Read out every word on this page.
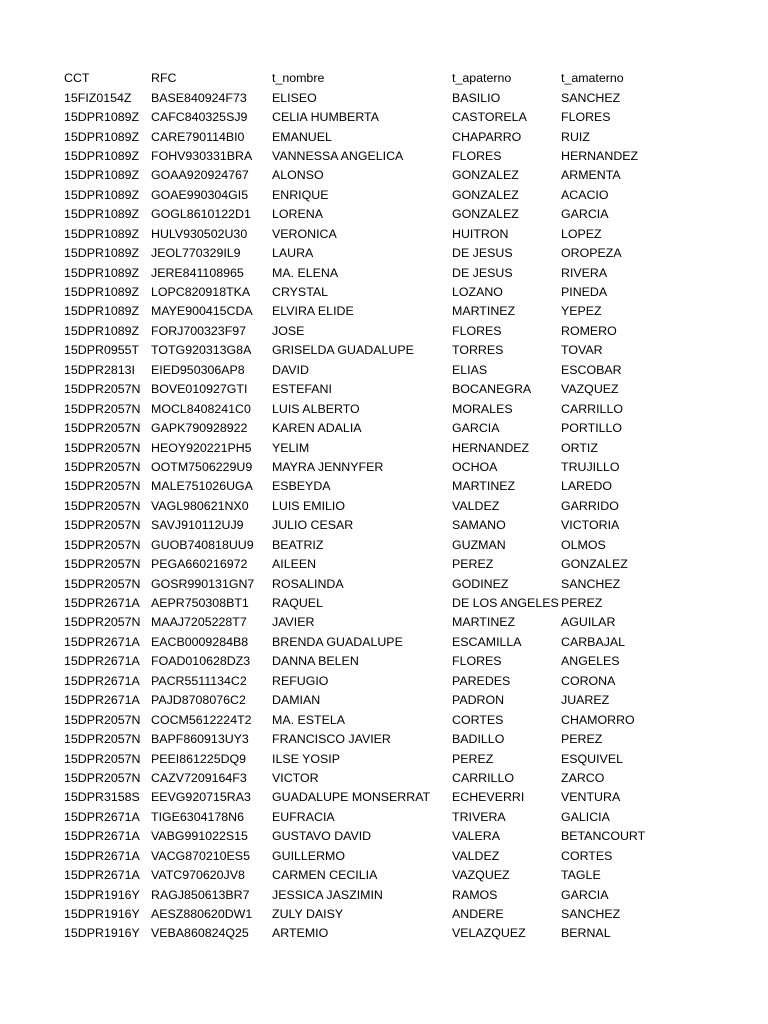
CCT	RFC	t_nombre	t_apaterno	t_amaterno
15FIZ0154Z	BASE840924F73	ELISEO	BASILIO	SANCHEZ
15DPR1089Z	CAFC840325SJ9	CELIA HUMBERTA	CASTORELA	FLORES
15DPR1089Z	CARE790114BI0	EMANUEL	CHAPARRO	RUIZ
15DPR1089Z	FOHV930331BRA	VANNESSA ANGELICA	FLORES	HERNANDEZ
15DPR1089Z	GOAA920924767	ALONSO	GONZALEZ	ARMENTA
15DPR1089Z	GOAE990304GI5	ENRIQUE	GONZALEZ	ACACIO
15DPR1089Z	GOGL8610122D1	LORENA	GONZALEZ	GARCIA
15DPR1089Z	HULV930502U30	VERONICA	HUITRON	LOPEZ
15DPR1089Z	JEOL770329IL9	LAURA	DE JESUS	OROPEZA
15DPR1089Z	JERE841108965	MA. ELENA	DE JESUS	RIVERA
15DPR1089Z	LOPC820918TKA	CRYSTAL	LOZANO	PINEDA
15DPR1089Z	MAYE900415CDA	ELVIRA ELIDE	MARTINEZ	YEPEZ
15DPR1089Z	FORJ700323F97	JOSE	FLORES	ROMERO
15DPR0955T	TOTG920313G8A	GRISELDA GUADALUPE	TORRES	TOVAR
15DPR2813I	EIED950306AP8	DAVID	ELIAS	ESCOBAR
15DPR2057N	BOVE010927GTI	ESTEFANI	BOCANEGRA	VAZQUEZ
15DPR2057N	MOCL8408241C0	LUIS ALBERTO	MORALES	CARRILLO
15DPR2057N	GAPK790928922	KAREN ADALIA	GARCIA	PORTILLO
15DPR2057N	HEOY920221PH5	YELIM	HERNANDEZ	ORTIZ
15DPR2057N	OOTM7506229U9	MAYRA JENNYFER	OCHOA	TRUJILLO
15DPR2057N	MALE751026UGA	ESBEYDA	MARTINEZ	LAREDO
15DPR2057N	VAGL980621NX0	LUIS EMILIO	VALDEZ	GARRIDO
15DPR2057N	SAVJ910112UJ9	JULIO CESAR	SAMANO	VICTORIA
15DPR2057N	GUOB740818UU9	BEATRIZ	GUZMAN	OLMOS
15DPR2057N	PEGA660216972	AILEEN	PEREZ	GONZALEZ
15DPR2057N	GOSR990131GN7	ROSALINDA	GODINEZ	SANCHEZ
15DPR2671A	AEPR750308BT1	RAQUEL	DE LOS ANGELES	PEREZ
15DPR2057N	MAAJ7205228T7	JAVIER	MARTINEZ	AGUILAR
15DPR2671A	EACB0009284B8	BRENDA GUADALUPE	ESCAMILLA	CARBAJAL
15DPR2671A	FOAD010628DZ3	DANNA BELEN	FLORES	ANGELES
15DPR2671A	PACR5511134C2	REFUGIO	PAREDES	CORONA
15DPR2671A	PAJD8708076C2	DAMIAN	PADRON	JUAREZ
15DPR2057N	COCM5612224T2	MA. ESTELA	CORTES	CHAMORRO
15DPR2057N	BAPF860913UY3	FRANCISCO JAVIER	BADILLO	PEREZ
15DPR2057N	PEEI861225DQ9	ILSE YOSIP	PEREZ	ESQUIVEL
15DPR2057N	CAZV7209164F3	VICTOR	CARRILLO	ZARCO
15DPR3158S	EEVG920715RA3	GUADALUPE MONSERRAT	ECHEVERRI	VENTURA
15DPR2671A	TIGE6304178N6	EUFRACIA	TRIVERA	GALICIA
15DPR2671A	VABG991022S15	GUSTAVO DAVID	VALERA	BETANCOURT
15DPR2671A	VACG870210ES5	GUILLERMO	VALDEZ	CORTES
15DPR2671A	VATC970620JV8	CARMEN CECILIA	VAZQUEZ	TAGLE
15DPR1916Y	RAGJ850613BR7	JESSICA JASZIMIN	RAMOS	GARCIA
15DPR1916Y	AESZ880620DW1	ZULY DAISY	ANDERE	SANCHEZ
15DPR1916Y	VEBA860824Q25	ARTEMIO	VELAZQUEZ	BERNAL
